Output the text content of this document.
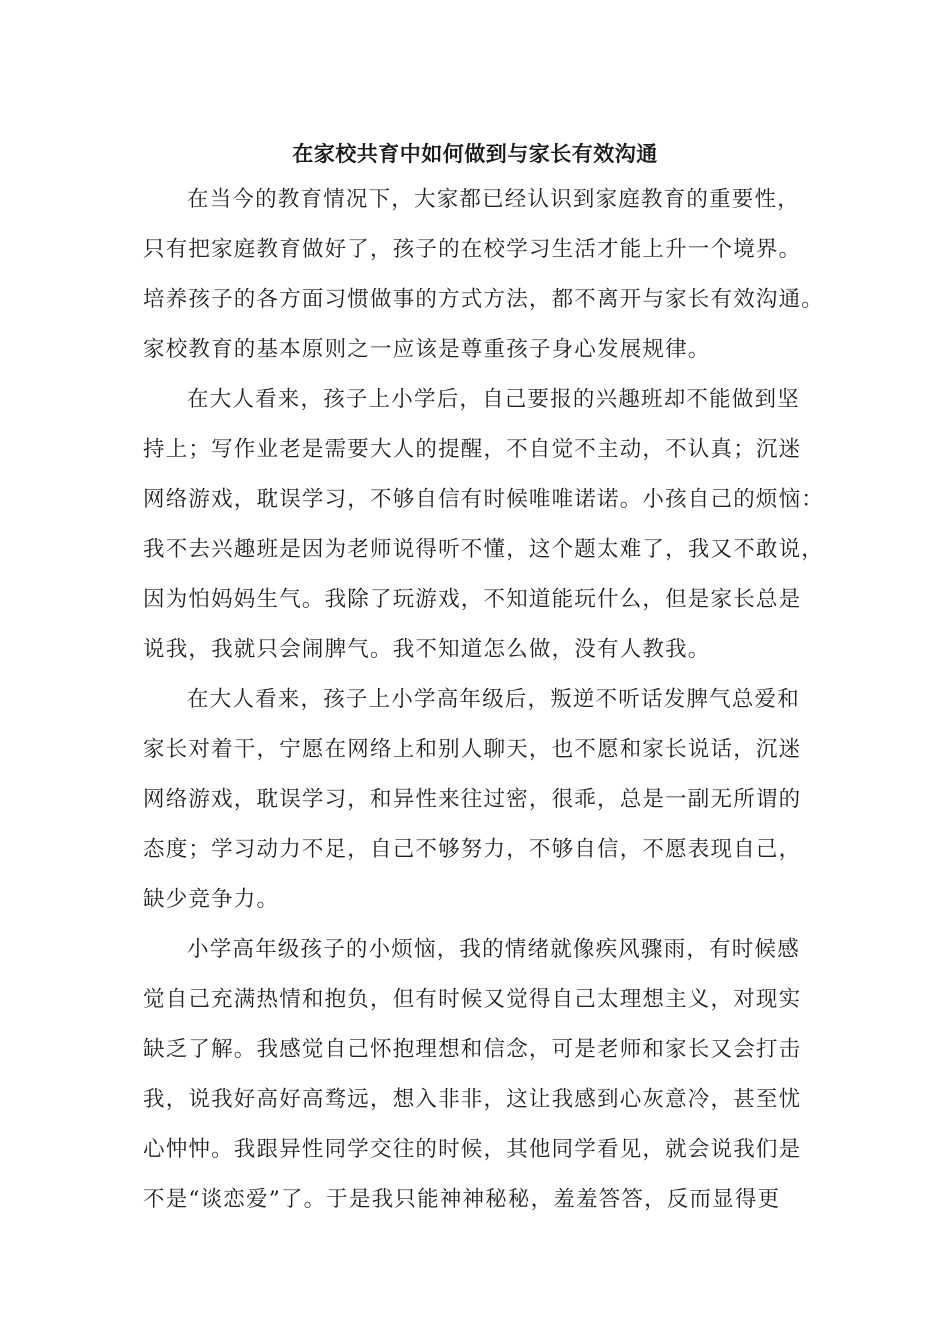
在家校共育中如何做到与家长有效沟通
在当今的教育情况下，大家都已经认识到家庭教育的重要性，
只有把家庭教育做好了，孩子的在校学习生活才能上升一个境界。
培养孩子的各方面习惯做事的方式方法，都不离开与家长有效沟通。
家校教育的基本原则之一应该是尊重孩子身心发展规律。
在大人看来，孩子上小学后，自己要报的兴趣班却不能做到坚
持上；写作业老是需要大人的提醒，不自觉不主动，不认真；沉迷
网络游戏，耽误学习，不够自信有时候唯唯诺诺。小孩自己的烦恼：
我不去兴趣班是因为老师说得听不懂，这个题太难了，我又不敢说，
因为怕妈妈生气。我除了玩游戏，不知道能玩什么，但是家长总是
说我，我就只会闹脾气。我不知道怎么做，没有人教我。
在大人看来，孩子上小学高年级后，叛逆不听话发脾气总爱和
家长对着干，宁愿在网络上和别人聊天，也不愿和家长说话，沉迷
网络游戏，耽误学习，和异性来往过密，很乖，总是一副无所谓的
态度；学习动力不足，自己不够努力，不够自信，不愿表现自己，
缺少竞争力。
小学高年级孩子的小烦恼，我的情绪就像疾风骤雨，有时候感
觉自己充满热情和抱负，但有时候又觉得自己太理想主义，对现实
缺乏了解。我感觉自己怀抱理想和信念，可是老师和家长又会打击
我，说我好高好高骛远，想入非非，这让我感到心灰意冷，甚至忧
心忡忡。我跟异性同学交往的时候，其他同学看见，就会说我们是
不是“谈恋爱”了。于是我只能神神秘秘，羞羞答答，反而显得更
